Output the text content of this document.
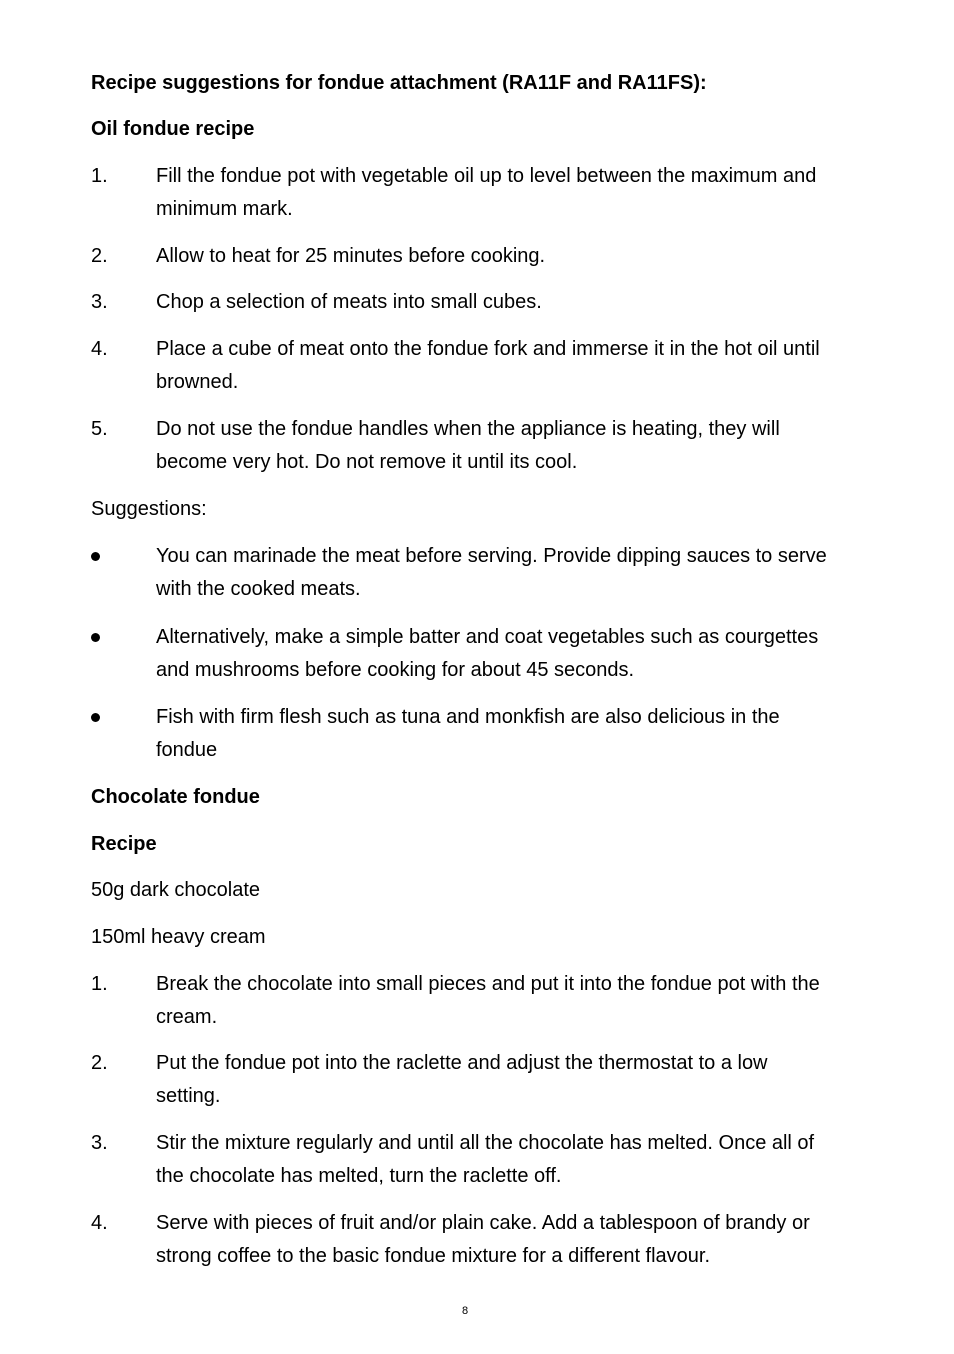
Recipe suggestions for fondue attachment (RA11F and RA11FS):
Oil fondue recipe
1. Fill the fondue pot with vegetable oil up to level between the maximum and
minimum mark.
2. Allow to heat for 25 minutes before cooking.
3. Chop a selection of meats into small cubes.
4. Place a cube of meat onto the fondue fork and immerse it in the hot oil until
browned.
5. Do not use the fondue handles when the appliance is heating, they will
become very hot. Do not remove it until its cool.
Suggestions:
You can marinade the meat before serving. Provide dipping sauces to serve
with the cooked meats.
Alternatively, make a simple batter and coat vegetables such as courgettes
and mushrooms before cooking for about 45 seconds.
Fish with firm flesh such as tuna and monkfish are also delicious in the
fondue
Chocolate fondue
Recipe
50g dark chocolate
150ml heavy cream
1. Break the chocolate into small pieces and put it into the fondue pot with the
cream.
2. Put the fondue pot into the raclette and adjust the thermostat to a low
setting.
3. Stir the mixture regularly and until all the chocolate has melted. Once all of
the chocolate has melted, turn the raclette off.
4. Serve with pieces of fruit and/or plain cake. Add a tablespoon of brandy or
strong coffee to the basic fondue mixture for a different flavour.
8
